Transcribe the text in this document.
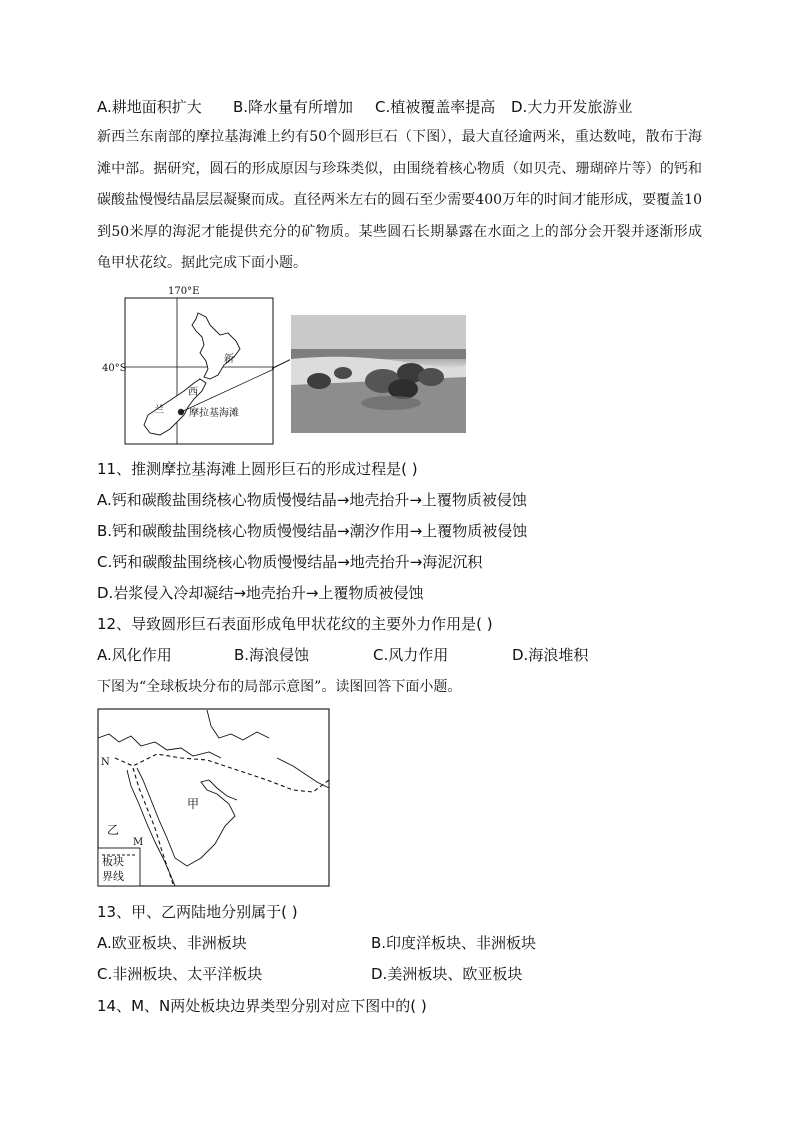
A.耕地面积扩大 B.降水量有所增加 C.植被覆盖率提高 D.大力开发旅游业
新西兰东南部的摩拉基海滩上约有50个圆形巨石（下图），最大直径逾两米，重达数吨，散布于海滩中部。据研究，圆石的形成原因与珍珠类似，由围绕着核心物质（如贝壳、珊瑚碎片等）的钙和碳酸盐慢慢结晶层层凝聚而成。直径两米左右的圆石至少需要400万年的时间才能形成，要覆盖10到50米厚的海泥才能提供充分的矿物质。某些圆石长期暴露在水面之上的部分会开裂并逐渐形成龟甲状花纹。据此完成下面小题。
170°E
新
西
兰
40°S
摩拉基海滩
11、推测摩拉基海滩上圆形巨石的形成过程是( )
A.钙和碳酸盐围绕核心物质慢慢结晶→地壳抬升→上覆物质被侵蚀
B.钙和碳酸盐围绕核心物质慢慢结晶→潮汐作用→上覆物质被侵蚀
C.钙和碳酸盐围绕核心物质慢慢结晶→地壳抬升→海泥沉积
D.岩浆侵入冷却凝结→地壳抬升→上覆物质被侵蚀
12、导致圆形巨石表面形成龟甲状花纹的主要外力作用是( )
A.风化作用	B.海浪侵蚀	C.风力作用	D.海浪堆积
下图为“全球板块分布的局部示意图”。读图回答下面小题。
N
M
甲
乙
板块
界线
13、甲、乙两陆地分别属于( )
A.欧亚板块、非洲板块	B.印度洋板块、非洲板块
C.非洲板块、太平洋板块	D.美洲板块、欧亚板块
14、M、N两处板块边界类型分别对应下图中的( )
